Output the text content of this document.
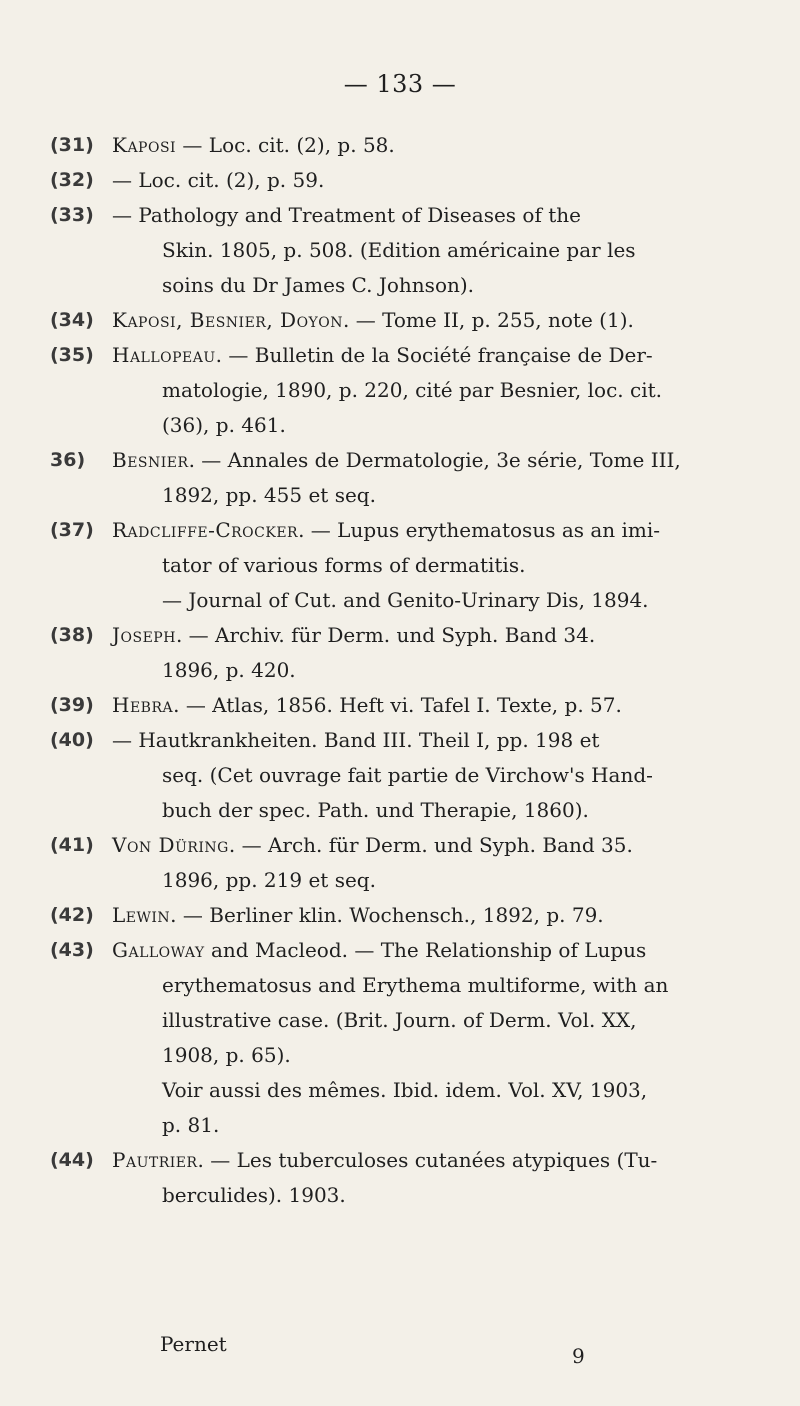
— 133 —
(31) Kaposi — Loc. cit. (2), p. 58.
(32) — Loc. cit. (2), p. 59.
(33) — Pathology and Treatment of Diseases of the
Skin. 1805, p. 508. (Edition américaine par les
soins du Dr James C. Johnson).
(34) Kaposi, Besnier, Doyon. — Tome II, p. 255, note (1).
(35) Hallopeau. — Bulletin de la Société française de Der-
matologie, 1890, p. 220, cité par Besnier, loc. cit.
(36), p. 461.
36)	Besnier. — Annales de Dermatologie, 3e série, Tome III,
1892, pp. 455 et seq.
(37) Radcliffe-Crocker. — Lupus erythematosus as an imi-
tator of various forms of dermatitis.
— Journal of Cut. and Genito-Urinary Dis, 1894.
(38) Joseph. — Archiv. für Derm. und Syph. Band 34.
1896, p. 420.
(39) Hebra. — Atlas, 1856. Heft vi. Tafel I. Texte, p. 57.
(40) — Hautkrankheiten. Band III. Theil I, pp. 198 et
seq. (Cet ouvrage fait partie de Virchow's Hand-
buch der spec. Path. und Therapie, 1860).
(41) Von Düring. — Arch. für Derm. und Syph. Band 35.
1896, pp. 219 et seq.
(42) Lewin. — Berliner klin. Wochensch., 1892, p. 79.
(43) Galloway and Macleod. — The Relationship of Lupus
erythematosus and Erythema multiforme, with an
illustrative case. (Brit. Journ. of Derm. Vol. XX,
1908, p. 65).
Voir aussi des mêmes. Ibid. idem. Vol. XV, 1903,
p. 81.
(44) Pautrier. — Les tuberculoses cutanées atypiques (Tu-
berculides). 1903.
Pernet	9
